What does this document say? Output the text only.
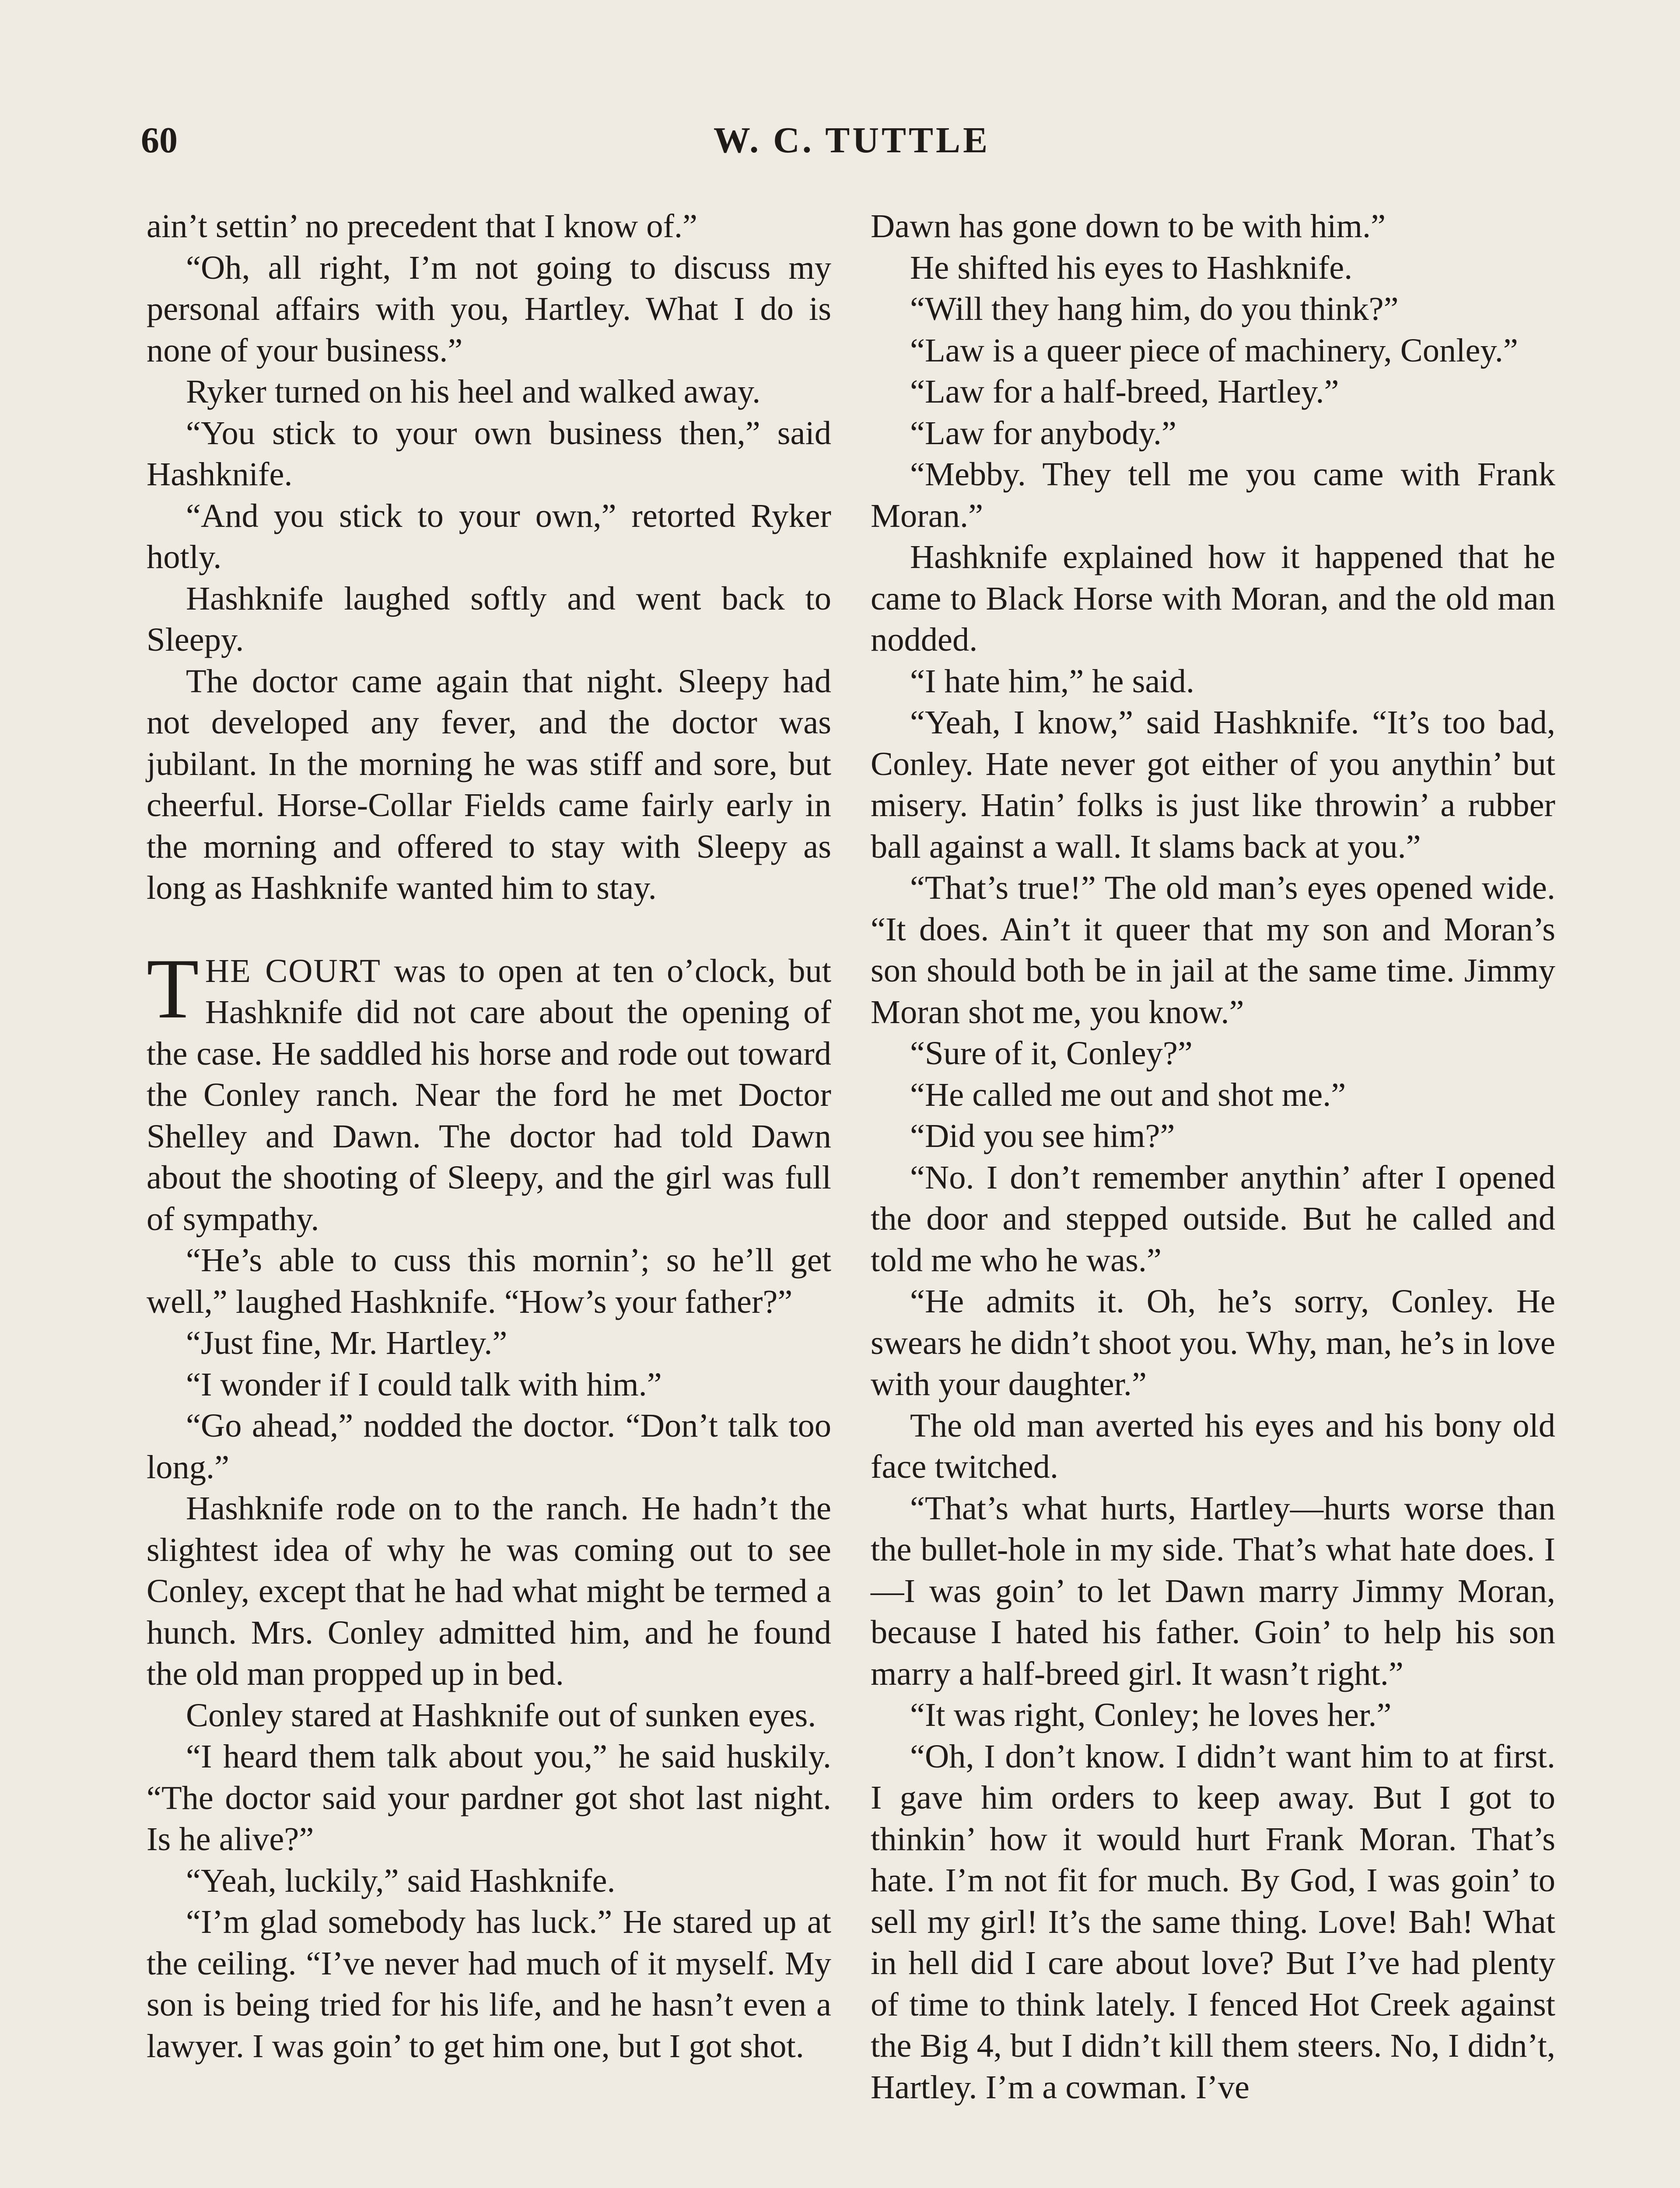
60	W. C. TUTTLE

ain’t settin’ no precedent that I know of.”

“Oh, all right, I’m not going to discuss my personal affairs with you, Hartley. What I do is none of your business.”

Ryker turned on his heel and walked away.

“You stick to your own business then,” said Hashknife.

“And you stick to your own,” retorted Ryker hotly.

Hashknife laughed softly and went back to Sleepy.

The doctor came again that night. Sleepy had not developed any fever, and the doctor was jubilant. In the morning he was stiff and sore, but cheerful. Horse-Collar Fields came fairly early in the morning and offered to stay with Sleepy as long as Hashknife wanted him to stay.

THE COURT was to open at ten o’clock, but Hashknife did not care about the opening of the case. He saddled his horse and rode out toward the Conley ranch. Near the ford he met Doctor Shelley and Dawn. The doctor had told Dawn about the shooting of Sleepy, and the girl was full of sympathy.

“He’s able to cuss this mornin’; so he’ll get well,” laughed Hashknife. “How’s your father?”

“Just fine, Mr. Hartley.”

“I wonder if I could talk with him.”

“Go ahead,” nodded the doctor. “Don’t talk too long.”

Hashknife rode on to the ranch. He hadn’t the slightest idea of why he was coming out to see Conley, except that he had what might be termed a hunch. Mrs. Conley admitted him, and he found the old man propped up in bed.

Conley stared at Hashknife out of sunken eyes.

“I heard them talk about you,” he said huskily. “The doctor said your pardner got shot last night. Is he alive?”

“Yeah, luckily,” said Hashknife.

“I’m glad somebody has luck.” He stared up at the ceiling. “I’ve never had much of it myself. My son is being tried for his life, and he hasn’t even a lawyer. I was goin’ to get him one, but I got shot.

Dawn has gone down to be with him.”

He shifted his eyes to Hashknife.

“Will they hang him, do you think?”

“Law is a queer piece of machinery, Conley.”

“Law for a half-breed, Hartley.”

“Law for anybody.”

“Mebby. They tell me you came with Frank Moran.”

Hashknife explained how it happened that he came to Black Horse with Moran, and the old man nodded.

“I hate him,” he said.

“Yeah, I know,” said Hashknife. “It’s too bad, Conley. Hate never got either of you anythin’ but misery. Hatin’ folks is just like throwin’ a rubber ball against a wall. It slams back at you.”

“That’s true!” The old man’s eyes opened wide. “It does. Ain’t it queer that my son and Moran’s son should both be in jail at the same time. Jimmy Moran shot me, you know.”

“Sure of it, Conley?”

“He called me out and shot me.”

“Did you see him?”

“No. I don’t remember anythin’ after I opened the door and stepped outside. But he called and told me who he was.”

“He admits it. Oh, he’s sorry, Conley. He swears he didn’t shoot you. Why, man, he’s in love with your daughter.”

The old man averted his eyes and his bony old face twitched.

“That’s what hurts, Hartley—hurts worse than the bullet-hole in my side. That’s what hate does. I—I was goin’ to let Dawn marry Jimmy Moran, because I hated his father. Goin’ to help his son marry a half-breed girl. It wasn’t right.”

“It was right, Conley; he loves her.”

“Oh, I don’t know. I didn’t want him to at first. I gave him orders to keep away. But I got to thinkin’ how it would hurt Frank Moran. That’s hate. I’m not fit for much. By God, I was goin’ to sell my girl! It’s the same thing. Love! Bah! What in hell did I care about love? But I’ve had plenty of time to think lately. I fenced Hot Creek against the Big 4, but I didn’t kill them steers. No, I didn’t, Hartley. I’m a cowman. I’ve
